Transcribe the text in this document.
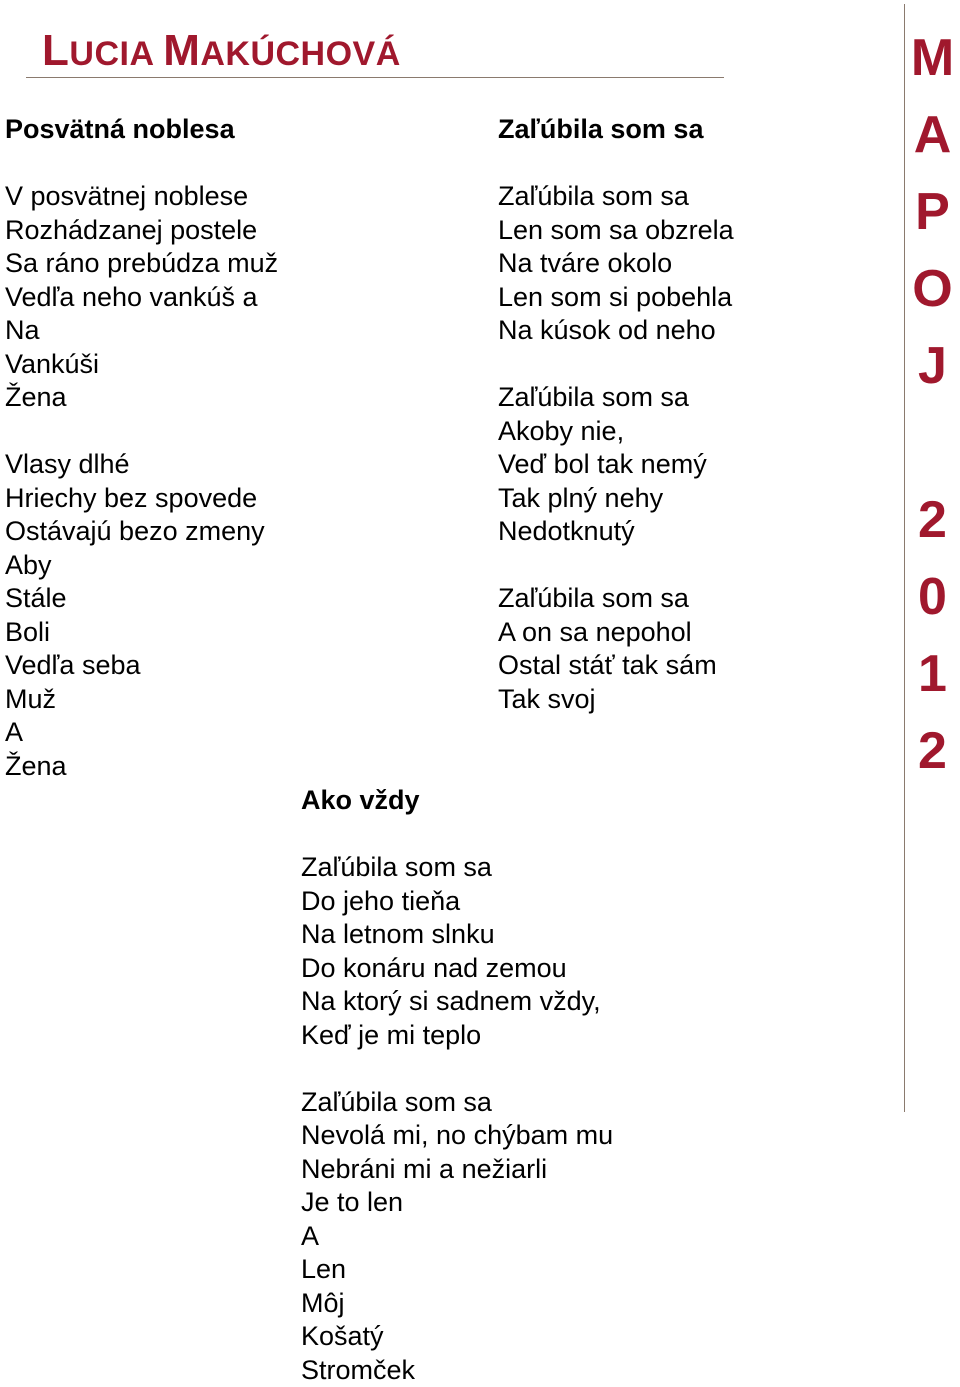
LUCIA MAKÚCHOVÁ	M
A
P
O
J
2
0
1
2
Posvätná noblesa
V posvätnej noblese
Rozhádzanej postele
Sa ráno prebúdza muž
Vedľa neho vankúš a
Na
Vankúši
Žena
Vlasy dlhé
Hriechy bez spovede
Ostávajú bezo zmeny
Aby
Stále
Boli
Vedľa seba
Muž
A
Žena
Zaľúbila som sa
Zaľúbila som sa
Len som sa obzrela
Na tváre okolo
Len som si pobehla
Na kúsok od neho
Zaľúbila som sa
Akoby nie,
Veď bol tak nemý
Tak plný nehy
Nedotknutý
Zaľúbila som sa
A on sa nepohol
Ostal stáť tak sám
Tak svoj
Ako vždy
Zaľúbila som sa
Do jeho tieňa
Na letnom slnku
Do konáru nad zemou
Na ktorý si sadnem vždy,
Keď je mi teplo
Zaľúbila som sa
Nevolá mi, no chýbam mu
Nebráni mi a nežiarli
Je to len
A
Len
Môj
Košatý
Stromček
